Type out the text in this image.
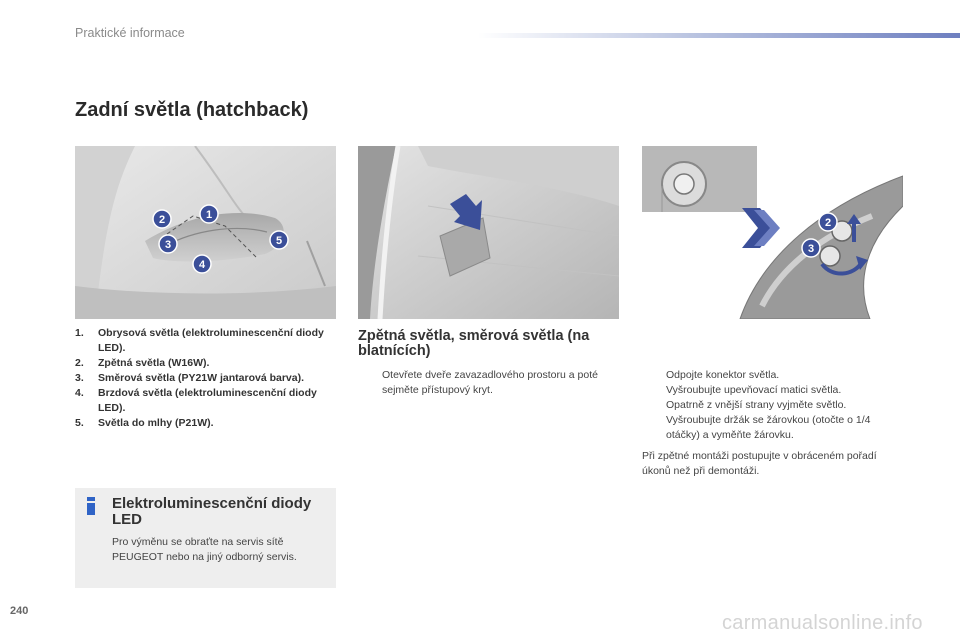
Praktické informace
Zadní světla (hatchback)
1
2
3
4
5
2
3
1. Obrysová světla (elektroluminescenční diody LED).
2. Zpětná světla (W16W).
3. Směrová světla (PY21W jantarová barva).
4. Brzdová světla (elektroluminescenční diody LED).
5. Světla do mlhy (P21W).
Elektroluminescenční diody LED
Pro výměnu se obraťte na servis sítě PEUGEOT nebo na jiný odborný servis.
Zpětná světla, směrová světla (na blatnících)
Otevřete dveře zavazadlového prostoru a poté sejměte přístupový kryt.
Odpojte konektor světla.
Vyšroubujte upevňovací matici světla.
Opatrně z vnější strany vyjměte světlo.
Vyšroubujte držák se žárovkou (otočte o 1/4 otáčky) a vyměňte žárovku.
Při zpětné montáži postupujte v obráceném pořadí úkonů než při demontáži.
240
carmanualsonline.info
